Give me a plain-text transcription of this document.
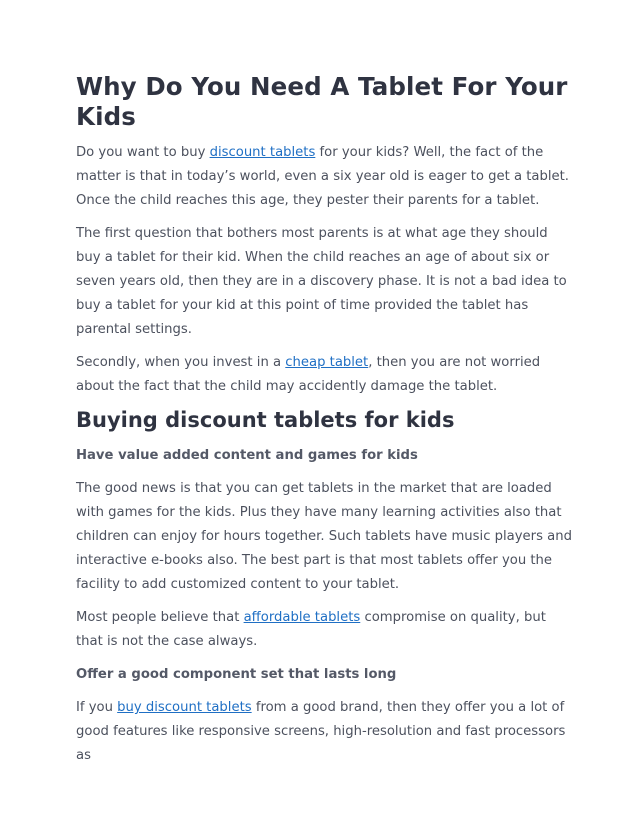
Why Do You Need A Tablet For Your Kids

Do you want to buy discount tablets for your kids? Well, the fact of the matter is that in today’s world, even a six year old is eager to get a tablet. Once the child reaches this age, they pester their parents for a tablet.

The first question that bothers most parents is at what age they should buy a tablet for their kid. When the child reaches an age of about six or seven years old, then they are in a discovery phase. It is not a bad idea to buy a tablet for your kid at this point of time provided the tablet has parental settings.

Secondly, when you invest in a cheap tablet, then you are not worried about the fact that the child may accidently damage the tablet.

Buying discount tablets for kids
Have value added content and games for kids

The good news is that you can get tablets in the market that are loaded with games for the kids. Plus they have many learning activities also that children can enjoy for hours together. Such tablets have music players and interactive e-books also. The best part is that most tablets offer you the facility to add customized content to your tablet.

Most people believe that affordable tablets compromise on quality, but that is not the case always.

Offer a good component set that lasts long

If you buy discount tablets from a good brand, then they offer you a lot of good features like responsive screens, high-resolution and fast processors as
